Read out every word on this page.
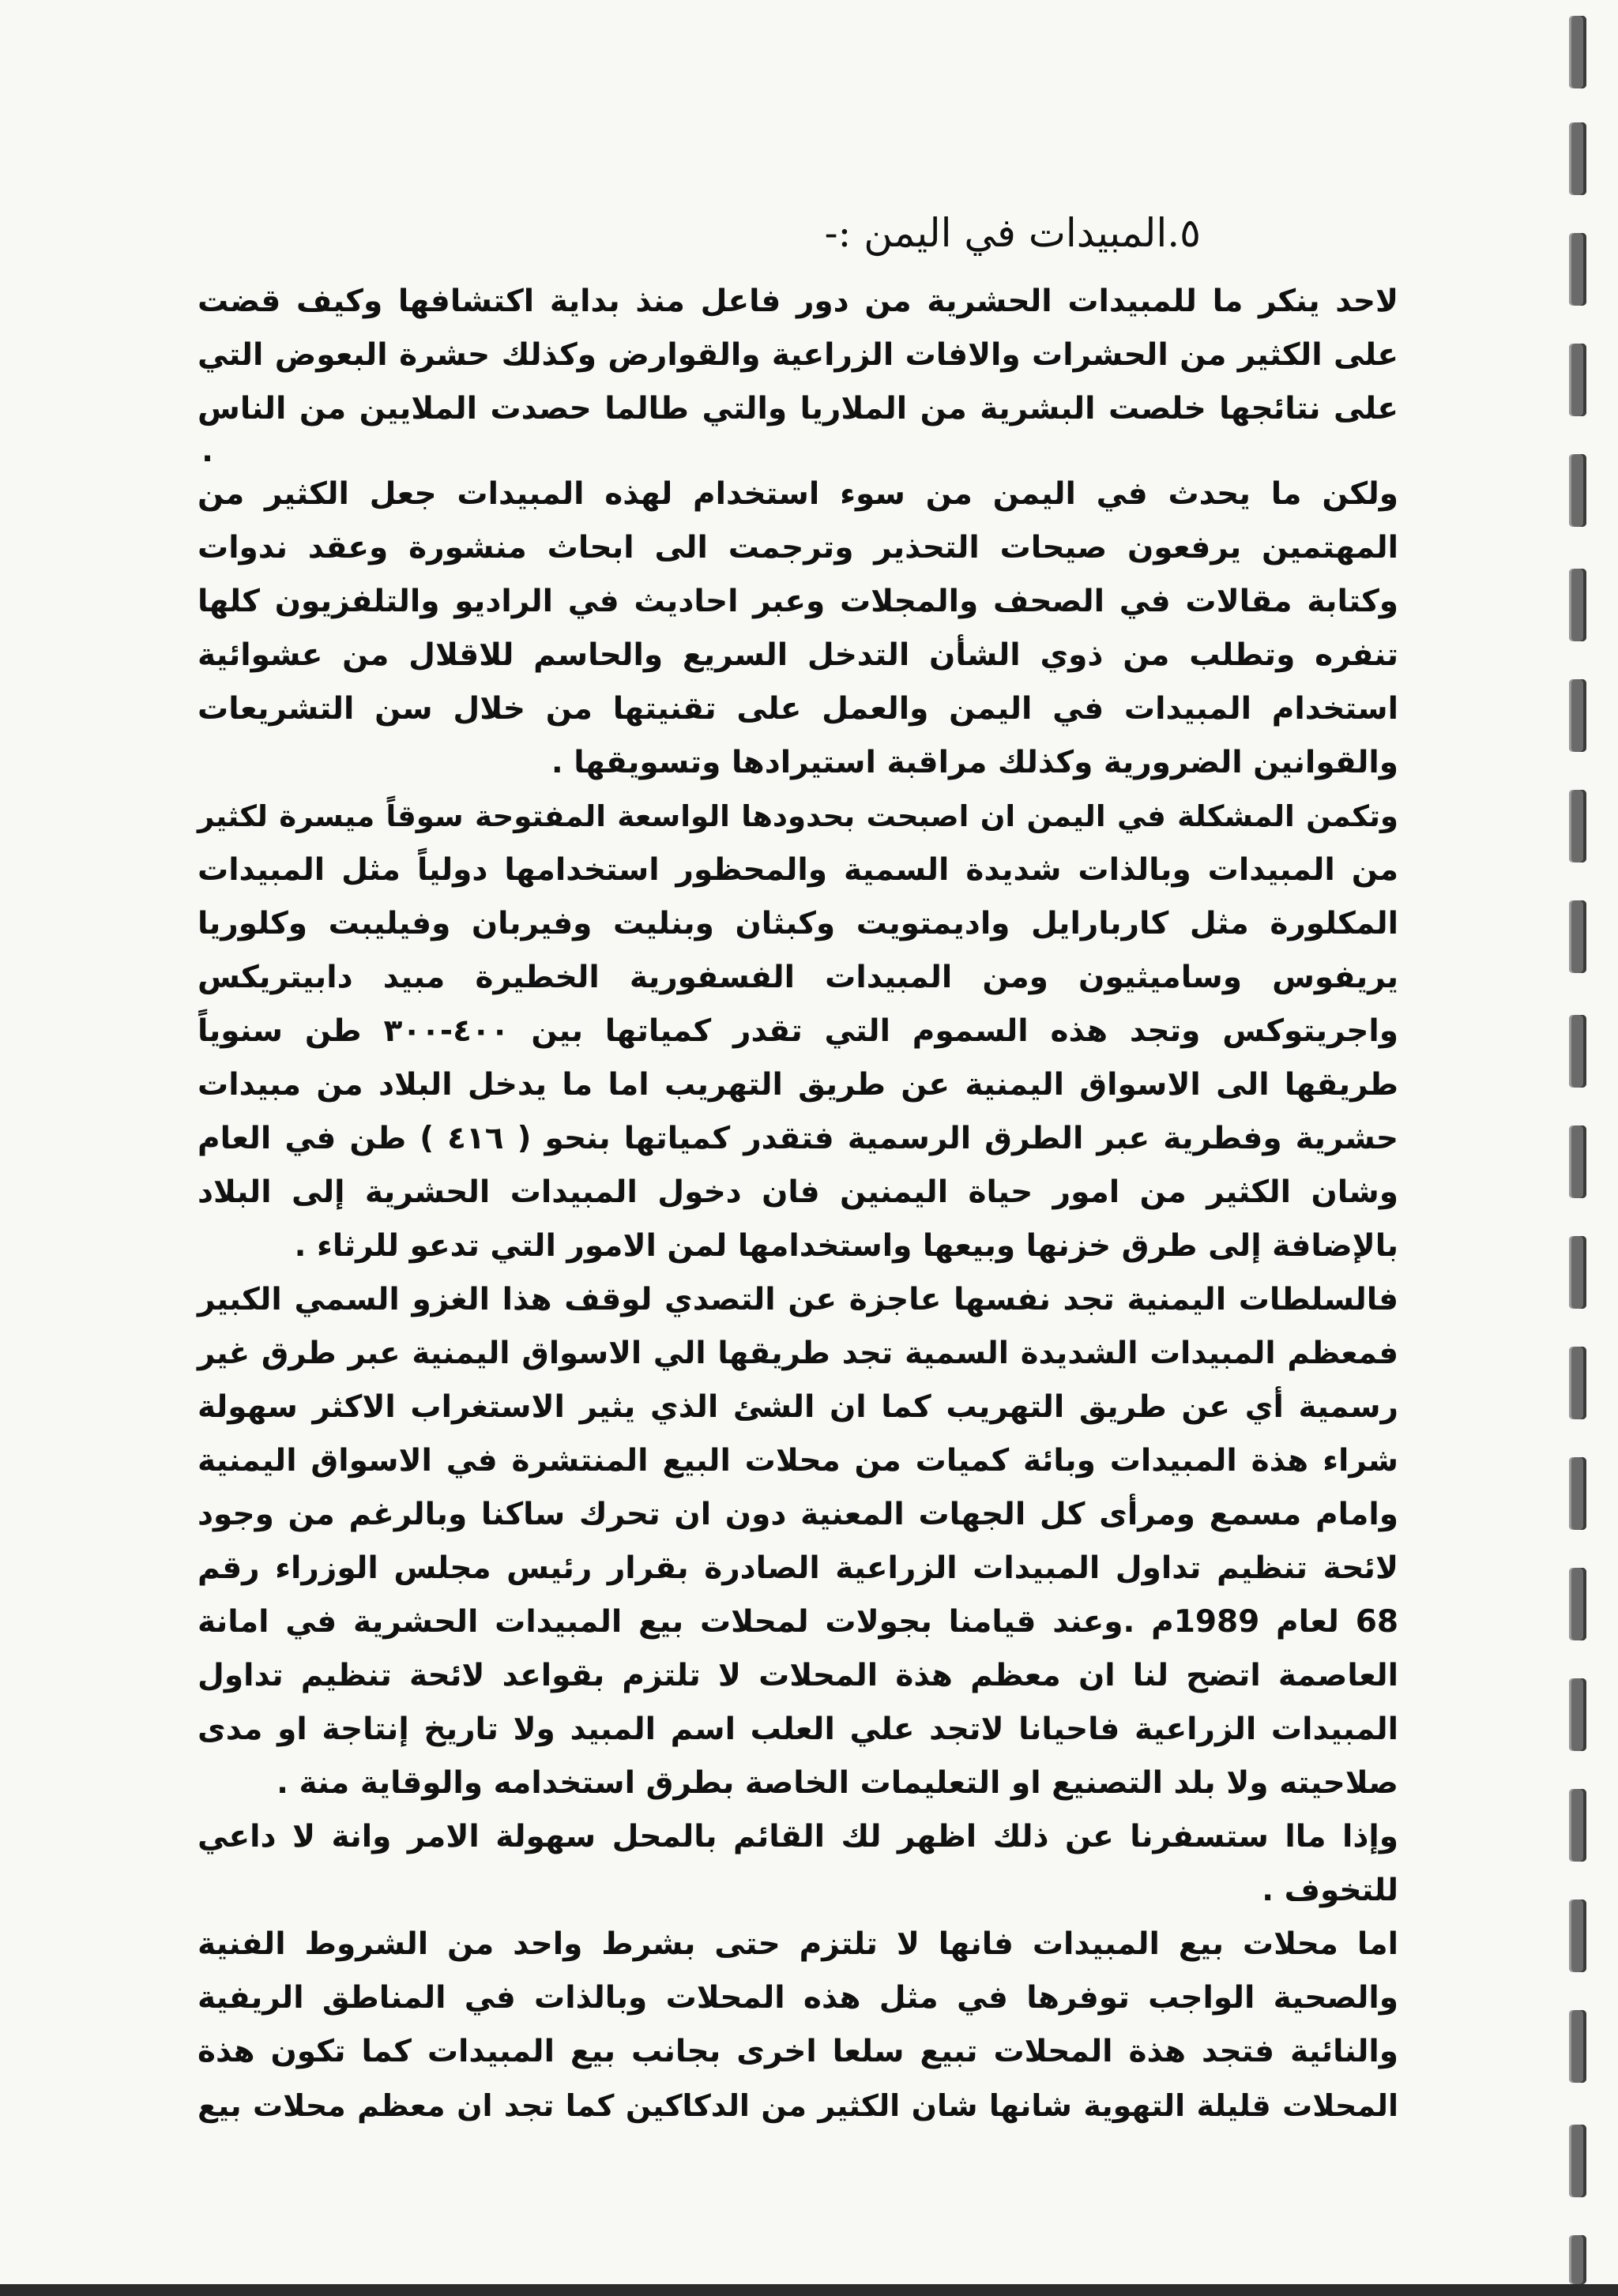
٥.المبيدات في اليمن :-

لاحد ينكر ما للمبيدات الحشرية من دور فاعل منذ بداية اكتشافها وكيف قضت

على الكثير من الحشرات والافات الزراعية والقوارض وكذلك حشرة البعوض التي

على نتائجها خلصت البشرية من الملاريا والتي طالما حصدت الملايين من الناس

.

ولكن ما يحدث في اليمن من سوء استخدام لهذه المبيدات جعل الكثير من

المهتمين يرفعون صيحات التحذير وترجمت الى ابحاث منشورة وعقد ندوات

وكتابة مقالات في الصحف والمجلات وعبر احاديث في الراديو والتلفزيون كلها

تنفره وتطلب من ذوي الشأن التدخل السريع والحاسم للاقلال من عشوائية

استخدام المبيدات في اليمن والعمل على تقنيتها من خلال سن التشريعات

والقوانين الضرورية وكذلك مراقبة استيرادها وتسويقها .

وتكمن المشكلة في اليمن ان اصبحت بحدودها الواسعة المفتوحة سوقاً ميسرة لكثير

من المبيدات وبالذات شديدة السمية والمحظور استخدامها دولياً مثل المبيدات

المكلورة مثل كاربارايل واديمتويت وكبثان وبنليت وفيربان وفيليبت وكلوريا

يريفوس وساميثيون ومن المبيدات الفسفورية الخطيرة مبيد دابيتريكس

واجريتوكس وتجد هذه السموم التي تقدر كمياتها بين ٤٠٠-٣٠٠ طن سنوياً

طريقها الى الاسواق اليمنية عن طريق التهريب اما ما يدخل البلاد من مبيدات

حشرية وفطرية عبر الطرق الرسمية فتقدر كمياتها بنحو ( ٤١٦ ) طن في العام

وشان الكثير من امور حياة اليمنين فان دخول المبيدات الحشرية إلى البلاد

بالإضافة إلى طرق خزنها وبيعها واستخدامها لمن الامور التي تدعو للرثاء .

فالسلطات اليمنية تجد نفسها عاجزة عن التصدي لوقف هذا الغزو السمي الكبير

فمعظم المبيدات الشديدة السمية تجد طريقها الي الاسواق اليمنية عبر طرق غير

رسمية أي عن طريق التهريب كما ان الشئ الذي يثير الاستغراب الاكثر سهولة

شراء هذة المبيدات وبائة كميات من محلات البيع المنتشرة في الاسواق اليمنية

وامام مسمع ومرأى كل الجهات المعنية دون ان تحرك ساكنا وبالرغم من وجود

لائحة تنظيم تداول المبيدات الزراعية الصادرة بقرار رئيس مجلس الوزراء رقم

68 لعام 1989م .وعند قيامنا بجولات لمحلات بيع المبيدات الحشرية في امانة

العاصمة اتضح لنا ان معظم هذة المحلات لا تلتزم بقواعد لائحة تنظيم تداول

المبيدات الزراعية فاحيانا لاتجد علي العلب اسم المبيد ولا تاريخ إنتاجة او مدى

صلاحيته ولا بلد التصنيع او التعليمات الخاصة بطرق استخدامه والوقاية منة .

وإذا ماا ستسفرنا عن ذلك اظهر لك القائم بالمحل سهولة الامر وانة لا داعي

للتخوف .

اما محلات بيع المبيدات فانها لا تلتزم حتى بشرط واحد من الشروط الفنية

والصحية الواجب توفرها في مثل هذه المحلات وبالذات في المناطق الريفية

والنائية فتجد هذة المحلات تبيع سلعا اخرى بجانب بيع المبيدات كما تكون هذة

المحلات قليلة التهوية شانها شان الكثير من الدكاكين كما تجد ان معظم محلات بيع
